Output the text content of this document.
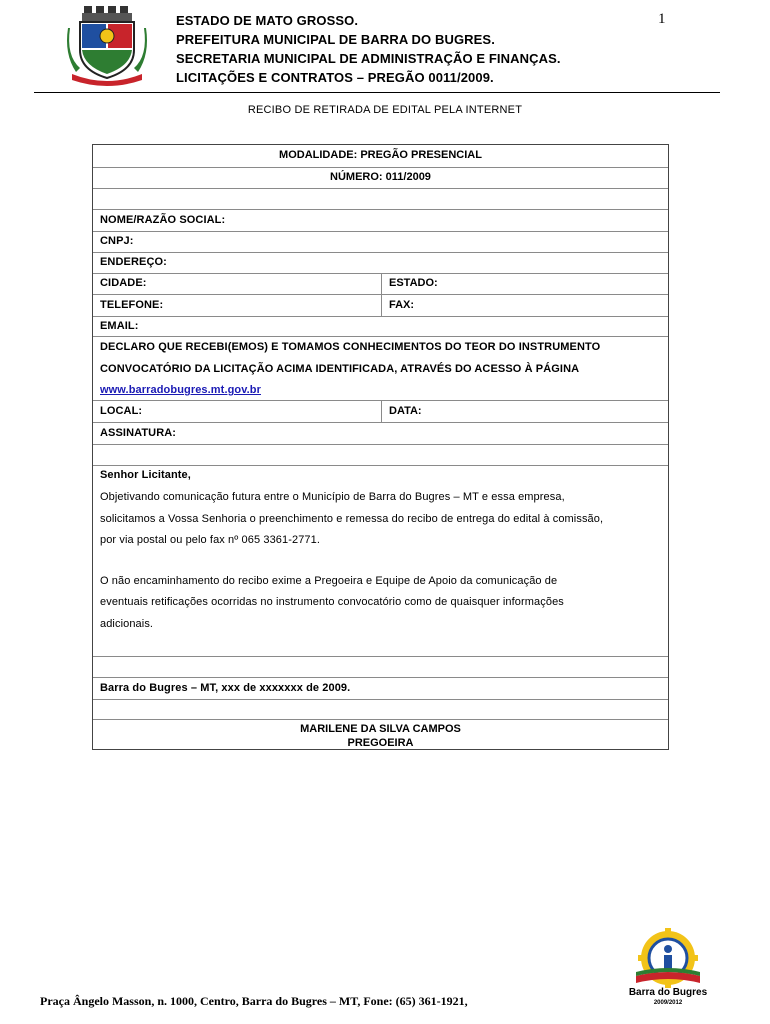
ESTADO DE MATO GROSSO.
PREFEITURA MUNICIPAL DE BARRA DO BUGRES.
SECRETARIA MUNICIPAL DE ADMINISTRAÇÃO E FINANÇAS.
LICITAÇÕES E CONTRATOS – PREGÃO 0011/2009.
1
RECIBO DE RETIRADA DE EDITAL PELA INTERNET
MODALIDADE: PREGÃO PRESENCIAL
NÚMERO: 011/2009
NOME/RAZÃO SOCIAL:
CNPJ:
ENDEREÇO:
CIDADE:	ESTADO:
TELEFONE:	FAX:
EMAIL:
DECLARO QUE RECEBI(EMOS) E TOMAMOS CONHECIMENTOS DO TEOR DO INSTRUMENTO
CONVOCATÓRIO DA LICITAÇÃO ACIMA IDENTIFICADA, ATRAVÉS DO ACESSO À PÁGINA
www.barradobugres.mt.gov.br
LOCAL:	DATA:
ASSINATURA:
Senhor Licitante,
Objetivando comunicação futura entre o Município de Barra do Bugres – MT e essa empresa,
solicitamos a Vossa Senhoria o preenchimento e remessa do recibo de entrega do edital à comissão,
por via postal ou pelo fax nº 065 3361-2771.
O não encaminhamento do recibo exime a Pregoeira e Equipe de Apoio da comunicação de
eventuais retificações ocorridas no instrumento convocatório como de quaisquer informações
adicionais.
Barra do Bugres – MT, xxx de xxxxxxx de 2009.
MARILENE DA SILVA CAMPOS
PREGOEIRA
Praça Ângelo Masson, n. 1000, Centro, Barra do Bugres – MT, Fone: (65) 361-1921,
Barra do Bugres
2009/2012
